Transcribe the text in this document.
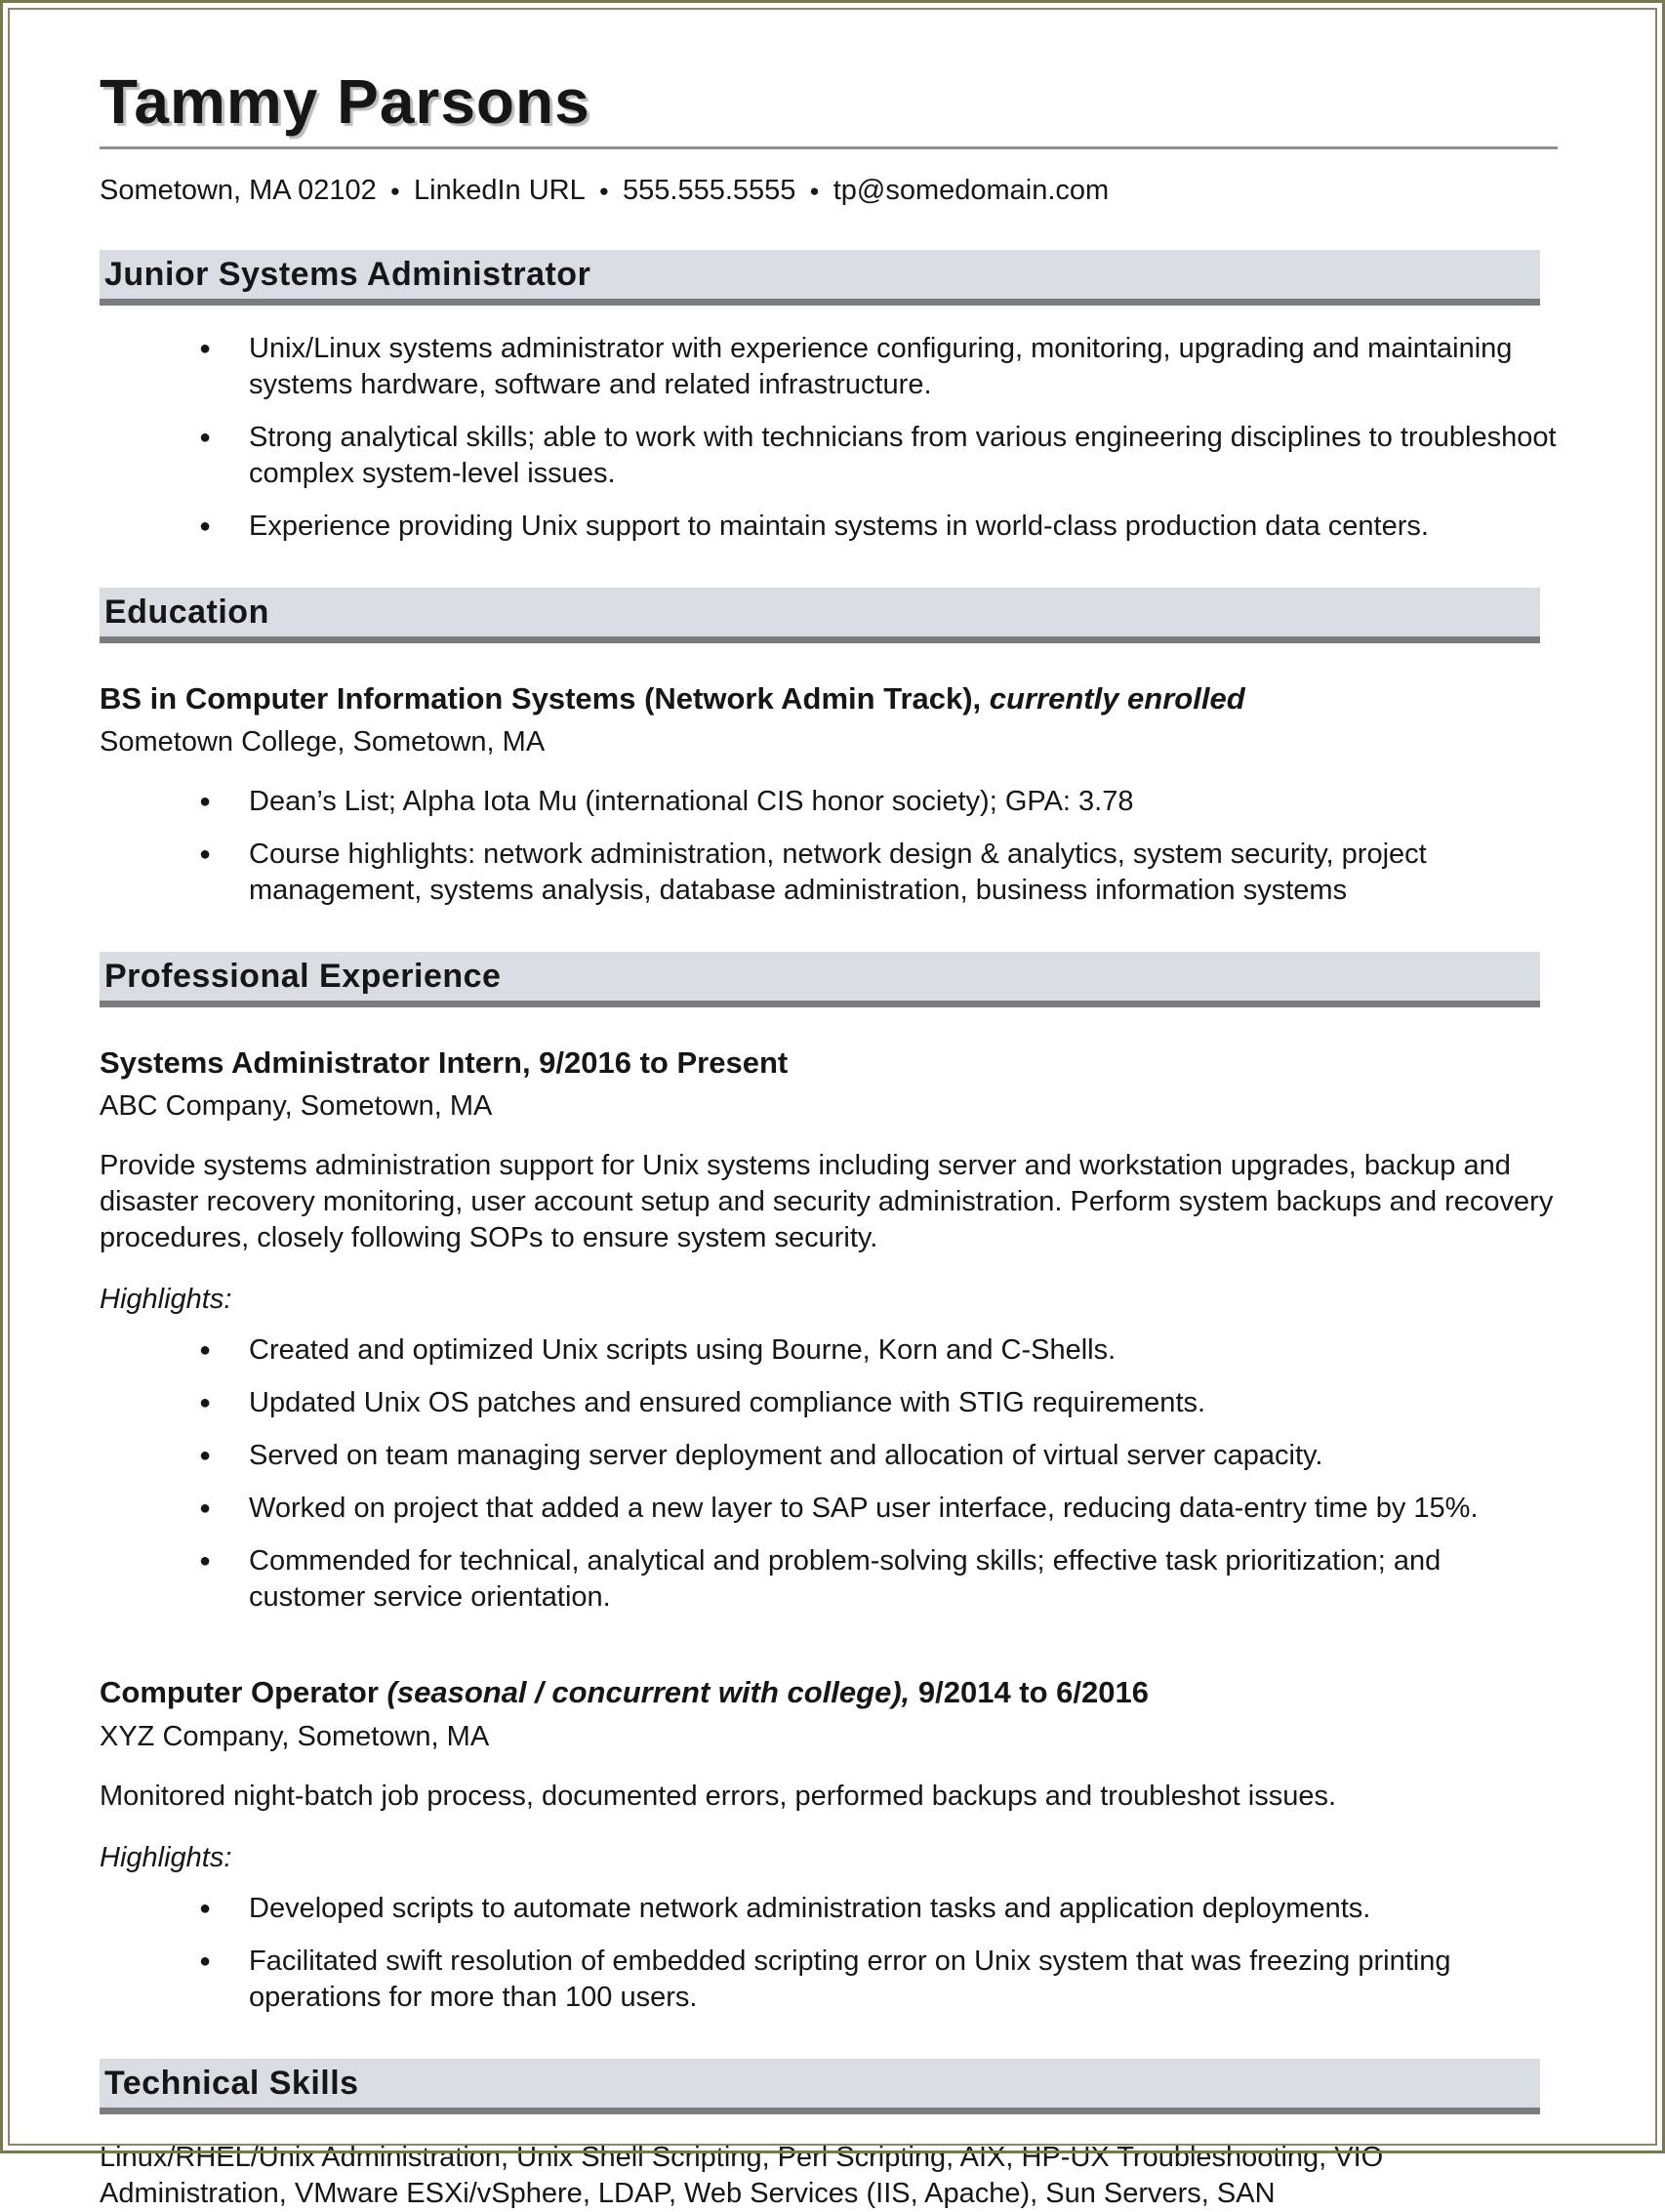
Tammy Parsons
Sometown, MA 02102 ● LinkedIn URL ● 555.555.5555 ● tp@somedomain.com
Junior Systems Administrator
●	Unix/Linux systems administrator with experience configuring, monitoring, upgrading and maintaining systems hardware, software and related infrastructure.
●	Strong analytical skills; able to work with technicians from various engineering disciplines to troubleshoot complex system-level issues.
●	Experience providing Unix support to maintain systems in world-class production data centers.
Education
BS in Computer Information Systems (Network Admin Track), currently enrolled
Sometown College, Sometown, MA
●	Dean’s List; Alpha Iota Mu (international CIS honor society); GPA: 3.78
●	Course highlights: network administration, network design & analytics, system security, project management, systems analysis, database administration, business information systems
Professional Experience
Systems Administrator Intern, 9/2016 to Present
ABC Company, Sometown, MA
Provide systems administration support for Unix systems including server and workstation upgrades, backup and disaster recovery monitoring, user account setup and security administration. Perform system backups and recovery procedures, closely following SOPs to ensure system security.
Highlights:
●	Created and optimized Unix scripts using Bourne, Korn and C-Shells.
●	Updated Unix OS patches and ensured compliance with STIG requirements.
●	Served on team managing server deployment and allocation of virtual server capacity.
●	Worked on project that added a new layer to SAP user interface, reducing data-entry time by 15%.
●	Commended for technical, analytical and problem-solving skills; effective task prioritization; and customer service orientation.
Computer Operator (seasonal / concurrent with college), 9/2014 to 6/2016
XYZ Company, Sometown, MA
Monitored night-batch job process, documented errors, performed backups and troubleshot issues.
Highlights:
●	Developed scripts to automate network administration tasks and application deployments.
●	Facilitated swift resolution of embedded scripting error on Unix system that was freezing printing operations for more than 100 users.
Technical Skills
Linux/RHEL/Unix Administration, Unix Shell Scripting, Perl Scripting, AIX, HP-UX Troubleshooting, VIO Administration, VMware ESXi/vSphere, LDAP, Web Services (IIS, Apache), Sun Servers, SAN
